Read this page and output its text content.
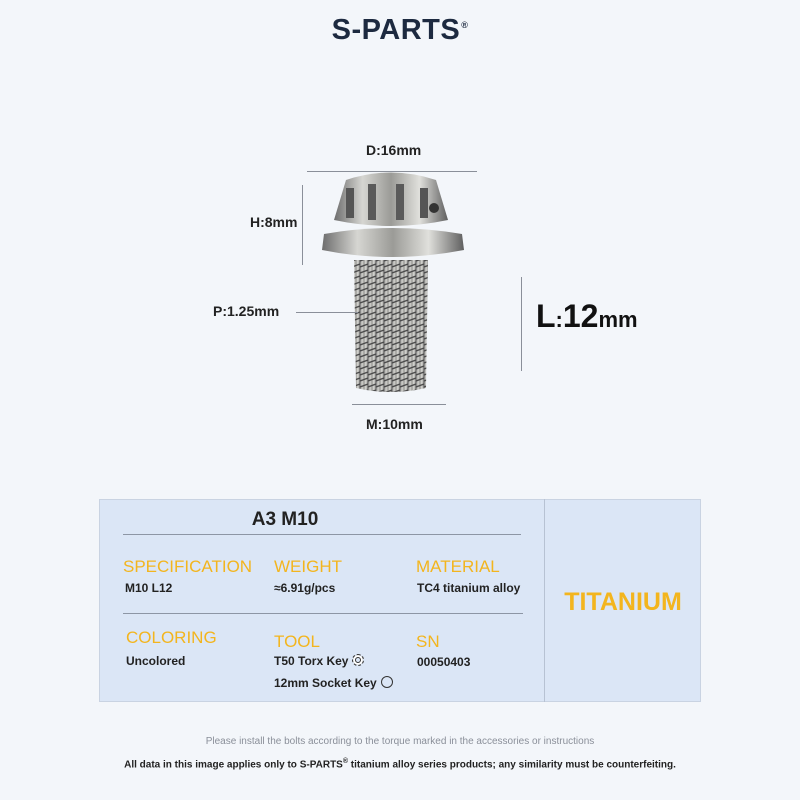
S-PARTS®
D:16mm
H:8mm
P:1.25mm
M:10mm
L:12mm
A3 M10
SPECIFICATION
M10 L12
WEIGHT
≈6.91g/pcs
MATERIAL
TC4 titanium alloy
COLORING
Uncolored
TOOL
T50 Torx Key
12mm Socket Key
SN
00050403
TITANIUM
Please install the bolts according to the torque marked in the accessories or instructions
All data in this image applies only to S-PARTS® titanium alloy series products; any similarity must be counterfeiting.
